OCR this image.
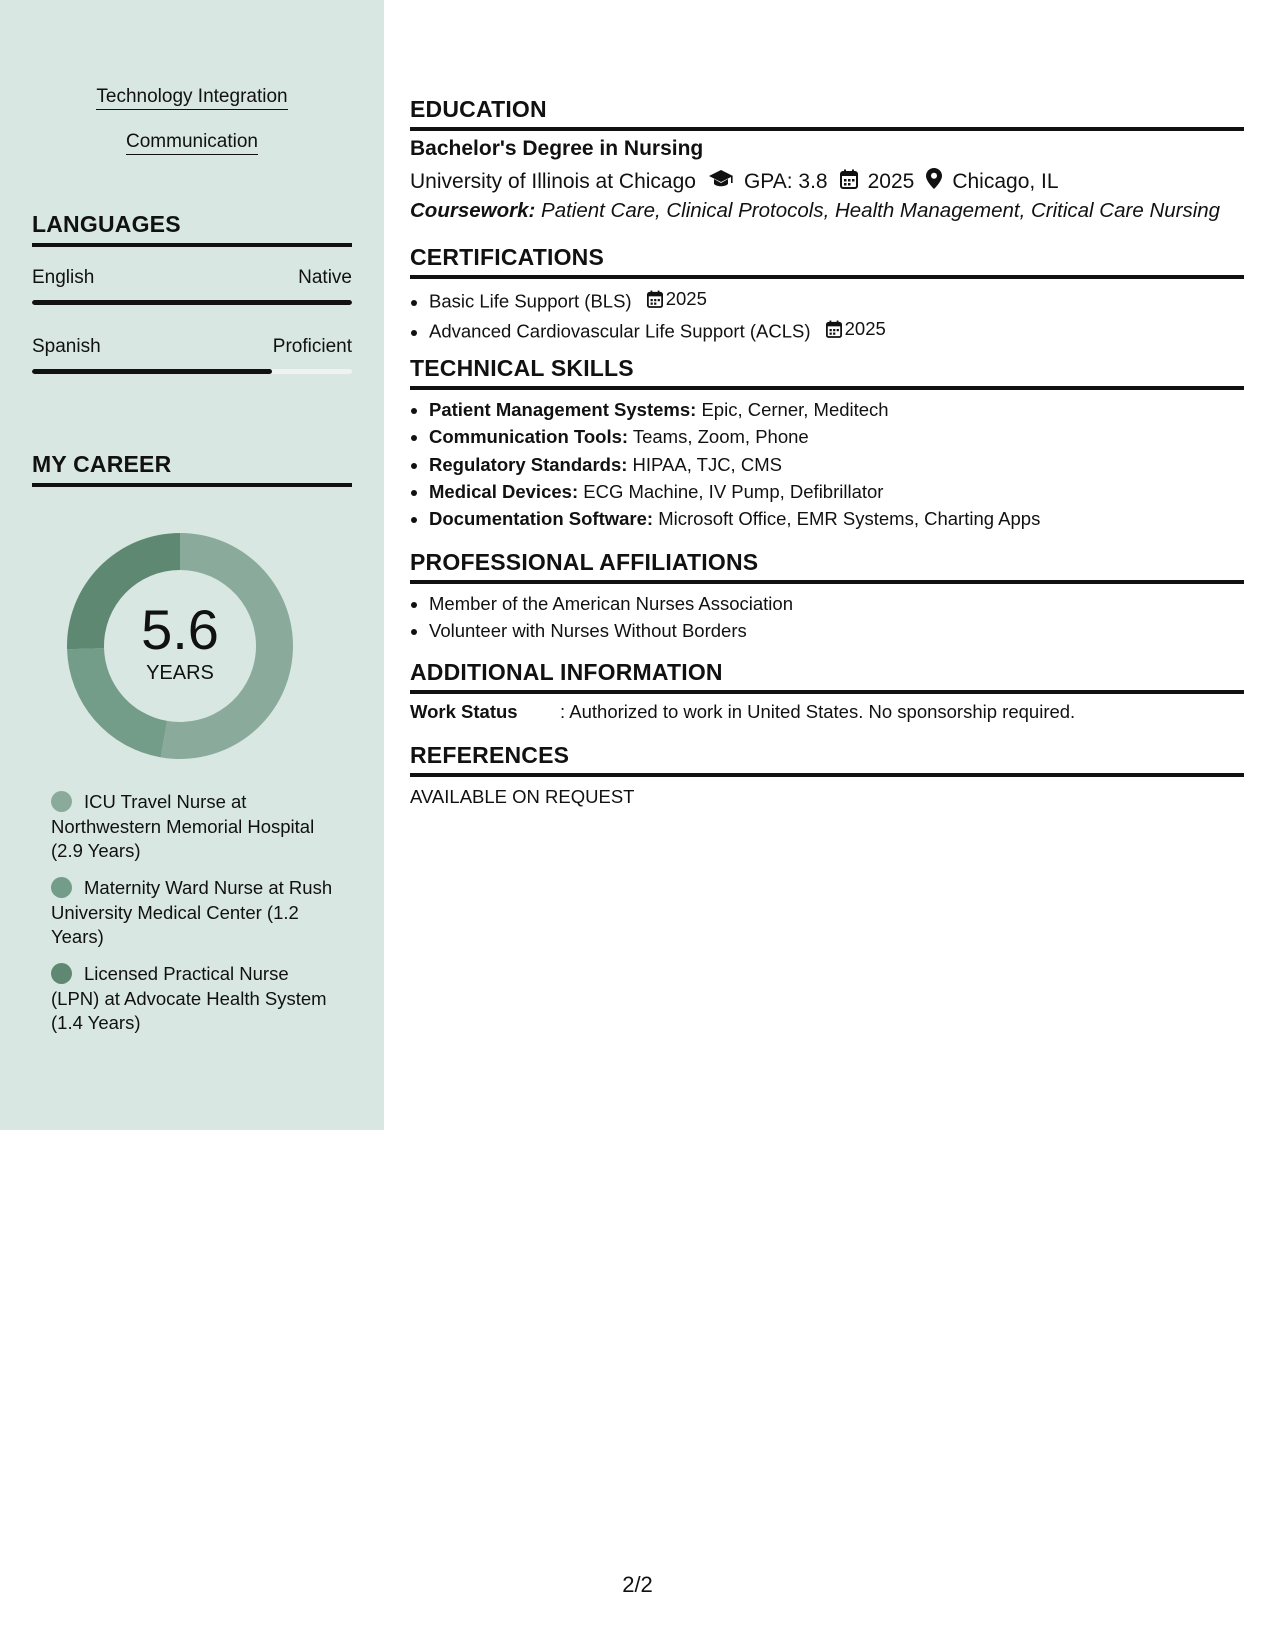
Technology Integration
Communication
LANGUAGES
English	Native
Spanish	Proficient
MY CAREER
5.6
YEARS
ICU Travel Nurse at Northwestern Memorial Hospital (2.9 Years)
Maternity Ward Nurse at Rush University Medical Center (1.2 Years)
Licensed Practical Nurse (LPN) at Advocate Health System (1.4 Years)
EDUCATION
Bachelor's Degree in Nursing
University of Illinois at Chicago GPA: 3.8 2025 Chicago, IL
Coursework: Patient Care, Clinical Protocols, Health Management, Critical Care Nursing
CERTIFICATIONS
• Basic Life Support (BLS) 2025
• Advanced Cardiovascular Life Support (ACLS) 2025
TECHNICAL SKILLS
• Patient Management Systems: Epic, Cerner, Meditech
• Communication Tools: Teams, Zoom, Phone
• Regulatory Standards: HIPAA, TJC, CMS
• Medical Devices: ECG Machine, IV Pump, Defibrillator
• Documentation Software: Microsoft Office, EMR Systems, Charting Apps
PROFESSIONAL AFFILIATIONS
• Member of the American Nurses Association
• Volunteer with Nurses Without Borders
ADDITIONAL INFORMATION
Work Status : Authorized to work in United States. No sponsorship required.
REFERENCES
AVAILABLE ON REQUEST
2/2
